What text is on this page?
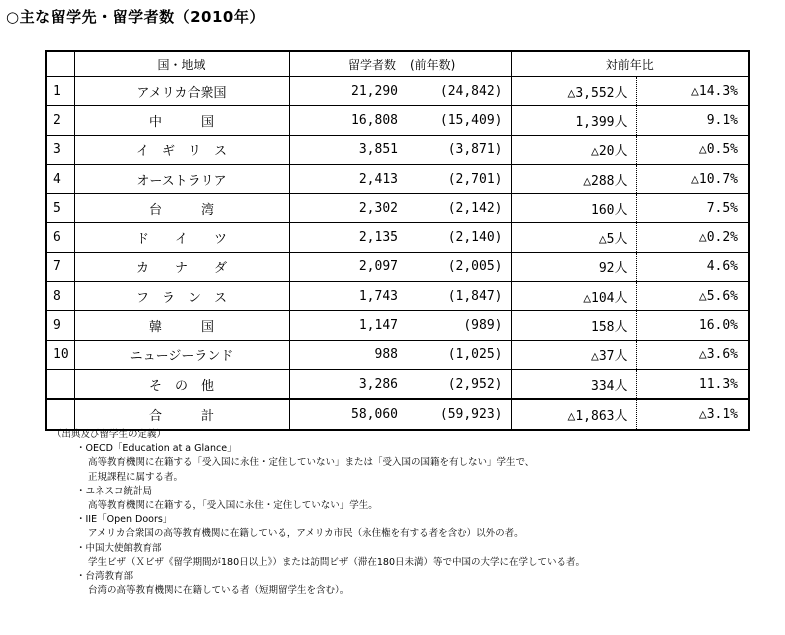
○主な留学先・留学者数（2010年）
	国・地域	留学者数	(前年数)	対前年比	
1	アメリカ合衆国	21,290	(24,842)	△3,552人	△14.3%
2	中　　　国	16,808	(15,409)	1,399人	9.1%
3	イ　ギ　リ　ス	3,851	(3,871)	△20人	△0.5%
4	オーストラリア	2,413	(2,701)	△288人	△10.7%
5	台　　　湾	2,302	(2,142)	160人	7.5%
6	ド　　イ　　ツ	2,135	(2,140)	△5人	△0.2%
7	カ　　ナ　　ダ	2,097	(2,005)	92人	4.6%
8	フ　ラ　ン　ス	1,743	(1,847)	△104人	△5.6%
9	韓　　　国	1,147	(989)	158人	16.0%
10	ニュージーランド	988	(1,025)	△37人	△3.6%
	そ　の　他	3,286	(2,952)	334人	11.3%
	合　　　計	58,060	(59,923)	△1,863人	△3.1%
（出典及び留学生の定義）
・OECD「Education at a Glance」
高等教育機関に在籍する「受入国に永住・定住していない」または「受入国の国籍を有しない」学生で、
正規課程に属する者。
・ユネスコ統計局
高等教育機関に在籍する，「受入国に永住・定住していない」学生。
・IIE「Open Doors」
アメリカ合衆国の高等教育機関に在籍している，アメリカ市民（永住権を有する者を含む）以外の者。
・中国大使館教育部
学生ビザ（Ｘビザ《留学期間が180日以上》）または訪問ビザ（滞在180日未満）等で中国の大学に在学している者。
・台湾教育部
台湾の高等教育機関に在籍している者（短期留学生を含む）。
